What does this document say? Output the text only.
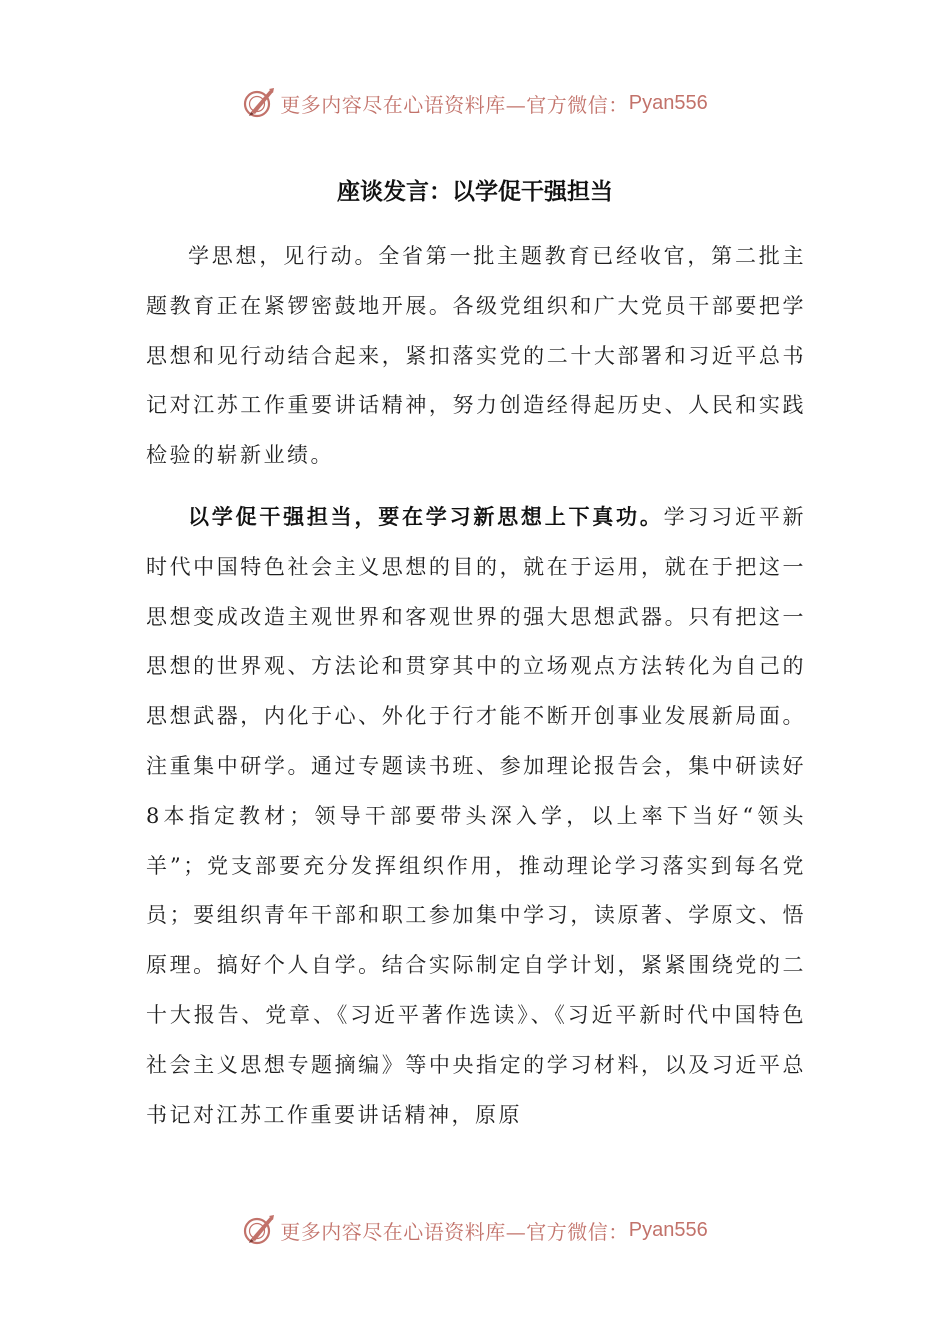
更多内容尽在心语资料库—官方微信： Pyan556
座谈发言：以学促干强担当

学思想，见行动。全省第一批主题教育已经收官，第二批主题教育正在紧锣密鼓地开展。各级党组织和广大党员干部要把学思想和见行动结合起来，紧扣落实党的二十大部署和习近平总书记对江苏工作重要讲话精神，努力创造经得起历史、人民和实践检验的崭新业绩。

以学促干强担当，要在学习新思想上下真功。学习习近平新时代中国特色社会主义思想的目的，就在于运用，就在于把这一思想变成改造主观世界和客观世界的强大思想武器。只有把这一思想的世界观、方法论和贯穿其中的立场观点方法转化为自己的思想武器，内化于心、外化于行才能不断开创事业发展新局面。注重集中研学。通过专题读书班、参加理论报告会，集中研读好8本指定教材；领导干部要带头深入学，以上率下当好“领头羊”；党支部要充分发挥组织作用，推动理论学习落实到每名党员；要组织青年干部和职工参加集中学习，读原著、学原文、悟原理。搞好个人自学。结合实际制定自学计划，紧紧围绕党的二十大报告、党章、《习近平著作选读》、《习近平新时代中国特色社会主义思想专题摘编》等中央指定的学习材料，以及习近平总书记对江苏工作重要讲话精神，原原

更多内容尽在心语资料库—官方微信： Pyan556
